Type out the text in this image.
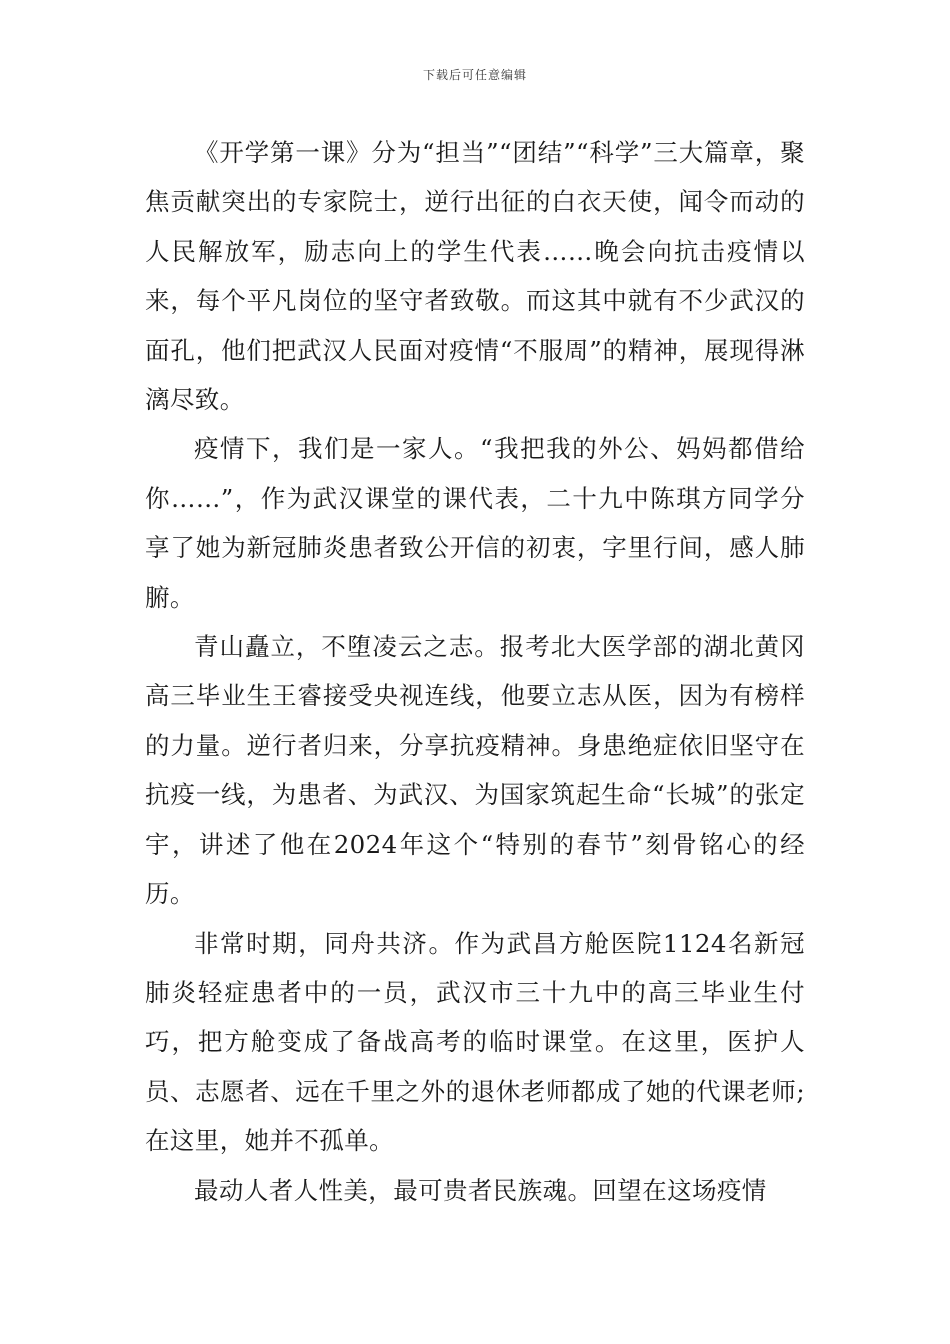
下载后可任意编辑

《开学第一课》分为“担当”“团结”“科学”三大篇章，聚焦贡献突出的专家院士，逆行出征的白衣天使，闻令而动的人民解放军，励志向上的学生代表……晚会向抗击疫情以来，每个平凡岗位的坚守者致敬。而这其中就有不少武汉的面孔，他们把武汉人民面对疫情“不服周”的精神，展现得淋漓尽致。

疫情下，我们是一家人。“我把我的外公、妈妈都借给你……”，作为武汉课堂的课代表，二十九中陈琪方同学分享了她为新冠肺炎患者致公开信的初衷，字里行间，感人肺腑。

青山矗立，不堕凌云之志。报考北大医学部的湖北黄冈高三毕业生王睿接受央视连线，他要立志从医，因为有榜样的力量。逆行者归来，分享抗疫精神。身患绝症依旧坚守在抗疫一线，为患者、为武汉、为国家筑起生命“长城”的张定宇，讲述了他在2024年这个“特别的春节”刻骨铭心的经历。

非常时期，同舟共济。作为武昌方舱医院1124名新冠肺炎轻症患者中的一员，武汉市三十九中的高三毕业生付巧，把方舱变成了备战高考的临时课堂。在这里，医护人员、志愿者、远在千里之外的退休老师都成了她的代课老师;在这里，她并不孤单。

最动人者人性美，最可贵者民族魂。回望在这场疫情
